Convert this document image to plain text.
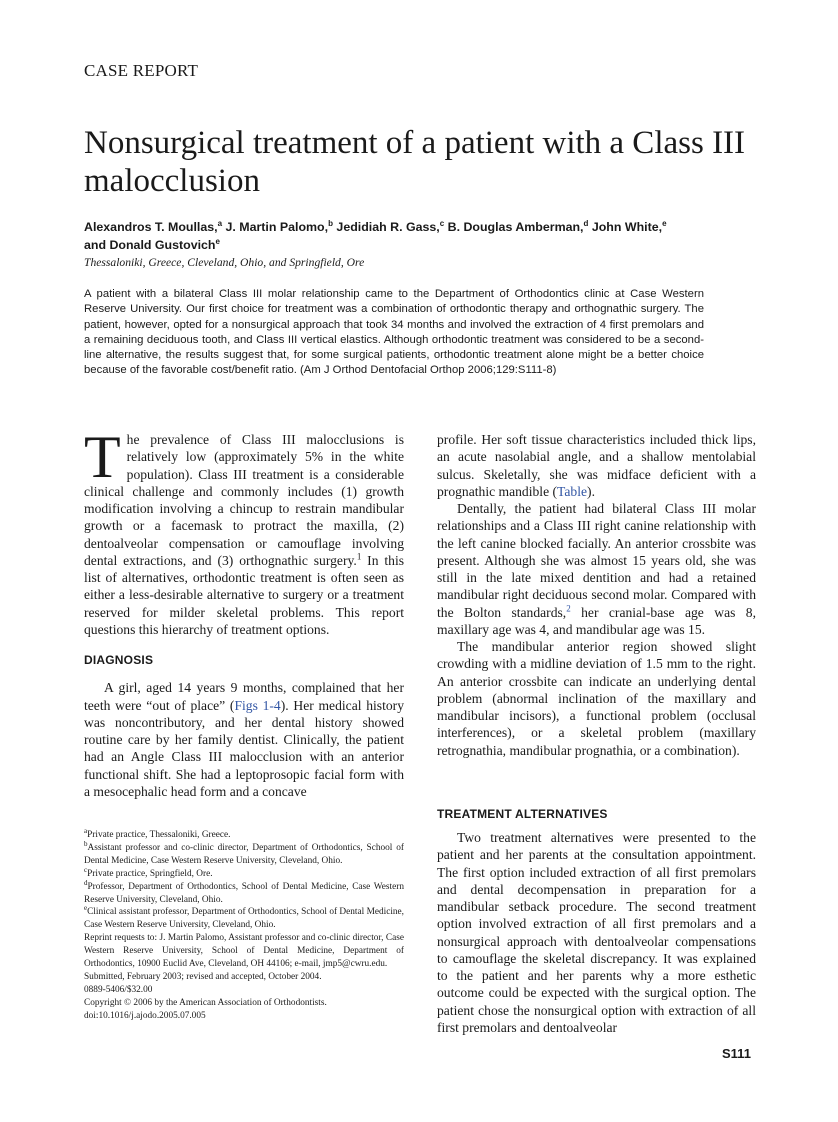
CASE REPORT
Nonsurgical treatment of a patient with a Class III malocclusion
Alexandros T. Moullas,$^a$ J. Martin Palomo,$^b$ Jedidiah R. Gass,$^c$ B. Douglas Amberman,$^d$ John White,$^e$
and Donald Gustovich$^e$
Thessaloniki, Greece, Cleveland, Ohio, and Springfield, Ore
A patient with a bilateral Class III molar relationship came to the Department of Orthodontics clinic at Case Western Reserve University. Our first choice for treatment was a combination of orthodontic therapy and orthognathic surgery. The patient, however, opted for a nonsurgical approach that took 34 months and involved the extraction of 4 first premolars and a remaining deciduous tooth, and Class III vertical elastics. Although orthodontic treatment was considered to be a second-line alternative, the results suggest that, for some surgical patients, orthodontic treatment alone might be a better choice because of the favorable cost/benefit ratio. (Am J Orthod Dentofacial Orthop 2006;129:S111-8)

The prevalence of Class III malocclusions is relatively low (approximately 5% in the white population). Class III treatment is a considerable clinical challenge and commonly includes (1) growth modification involving a chincup to restrain mandibular growth or a facemask to protract the maxilla, (2) dentoalveolar compensation or camouflage involving dental extractions, and (3) orthognathic surgery.$^1$ In this list of alternatives, orthodontic treatment is often seen as either a less-desirable alternative to surgery or a treatment reserved for milder skeletal problems. This report questions this hierarchy of treatment options.

DIAGNOSIS

A girl, aged 14 years 9 months, complained that her teeth were “out of place” (Figs 1-4). Her medical history was noncontributory, and her dental history showed routine care by her family dentist. Clinically, the patient had an Angle Class III malocclusion with an anterior functional shift. She had a leptoprosopic facial form with a mesocephalic head form and a concave

profile. Her soft tissue characteristics included thick lips, an acute nasolabial angle, and a shallow mentolabial sulcus. Skeletally, she was midface deficient with a prognathic mandible (Table).

Dentally, the patient had bilateral Class III molar relationships and a Class III right canine relationship with the left canine blocked facially. An anterior crossbite was present. Although she was almost 15 years old, she was still in the late mixed dentition and had a retained mandibular right deciduous second molar. Compared with the Bolton standards,$^2$ her cranial-base age was 8, maxillary age was 4, and mandibular age was 15.

The mandibular anterior region showed slight crowding with a midline deviation of 1.5 mm to the right. An anterior crossbite can indicate an underlying dental problem (abnormal inclination of the maxillary and mandibular incisors), a functional problem (occlusal interferences), or a skeletal problem (maxillary retrognathia, mandibular prognathia, or a combination).

TREATMENT ALTERNATIVES

Two treatment alternatives were presented to the patient and her parents at the consultation appointment. The first option included extraction of all first premolars and dental decompensation in preparation for a mandibular setback procedure. The second treatment option involved extraction of all first premolars and a nonsurgical approach with dentoalveolar compensations to camouflage the skeletal discrepancy. It was explained to the patient and her parents why a more esthetic outcome could be expected with the surgical option. The patient chose the nonsurgical option with extraction of all first premolars and dentoalveolar

$^a$Private practice, Thessaloniki, Greece.

$^b$Assistant professor and co-clinic director, Department of Orthodontics, School of Dental Medicine, Case Western Reserve University, Cleveland, Ohio.

$^c$Private practice, Springfield, Ore.

$^d$Professor, Department of Orthodontics, School of Dental Medicine, Case Western Reserve University, Cleveland, Ohio.

$^e$Clinical assistant professor, Department of Orthodontics, School of Dental Medicine, Case Western Reserve University, Cleveland, Ohio.

Reprint requests to: J. Martin Palomo, Assistant professor and co-clinic director, Case Western Reserve University, School of Dental Medicine, Department of Orthodontics, 10900 Euclid Ave, Cleveland, OH 44106; e-mail, jmp5@cwru.edu.

Submitted, February 2003; revised and accepted, October 2004.

0889-5406/$32.00

Copyright © 2006 by the American Association of Orthodontists.

doi:10.1016/j.ajodo.2005.07.005

S111
